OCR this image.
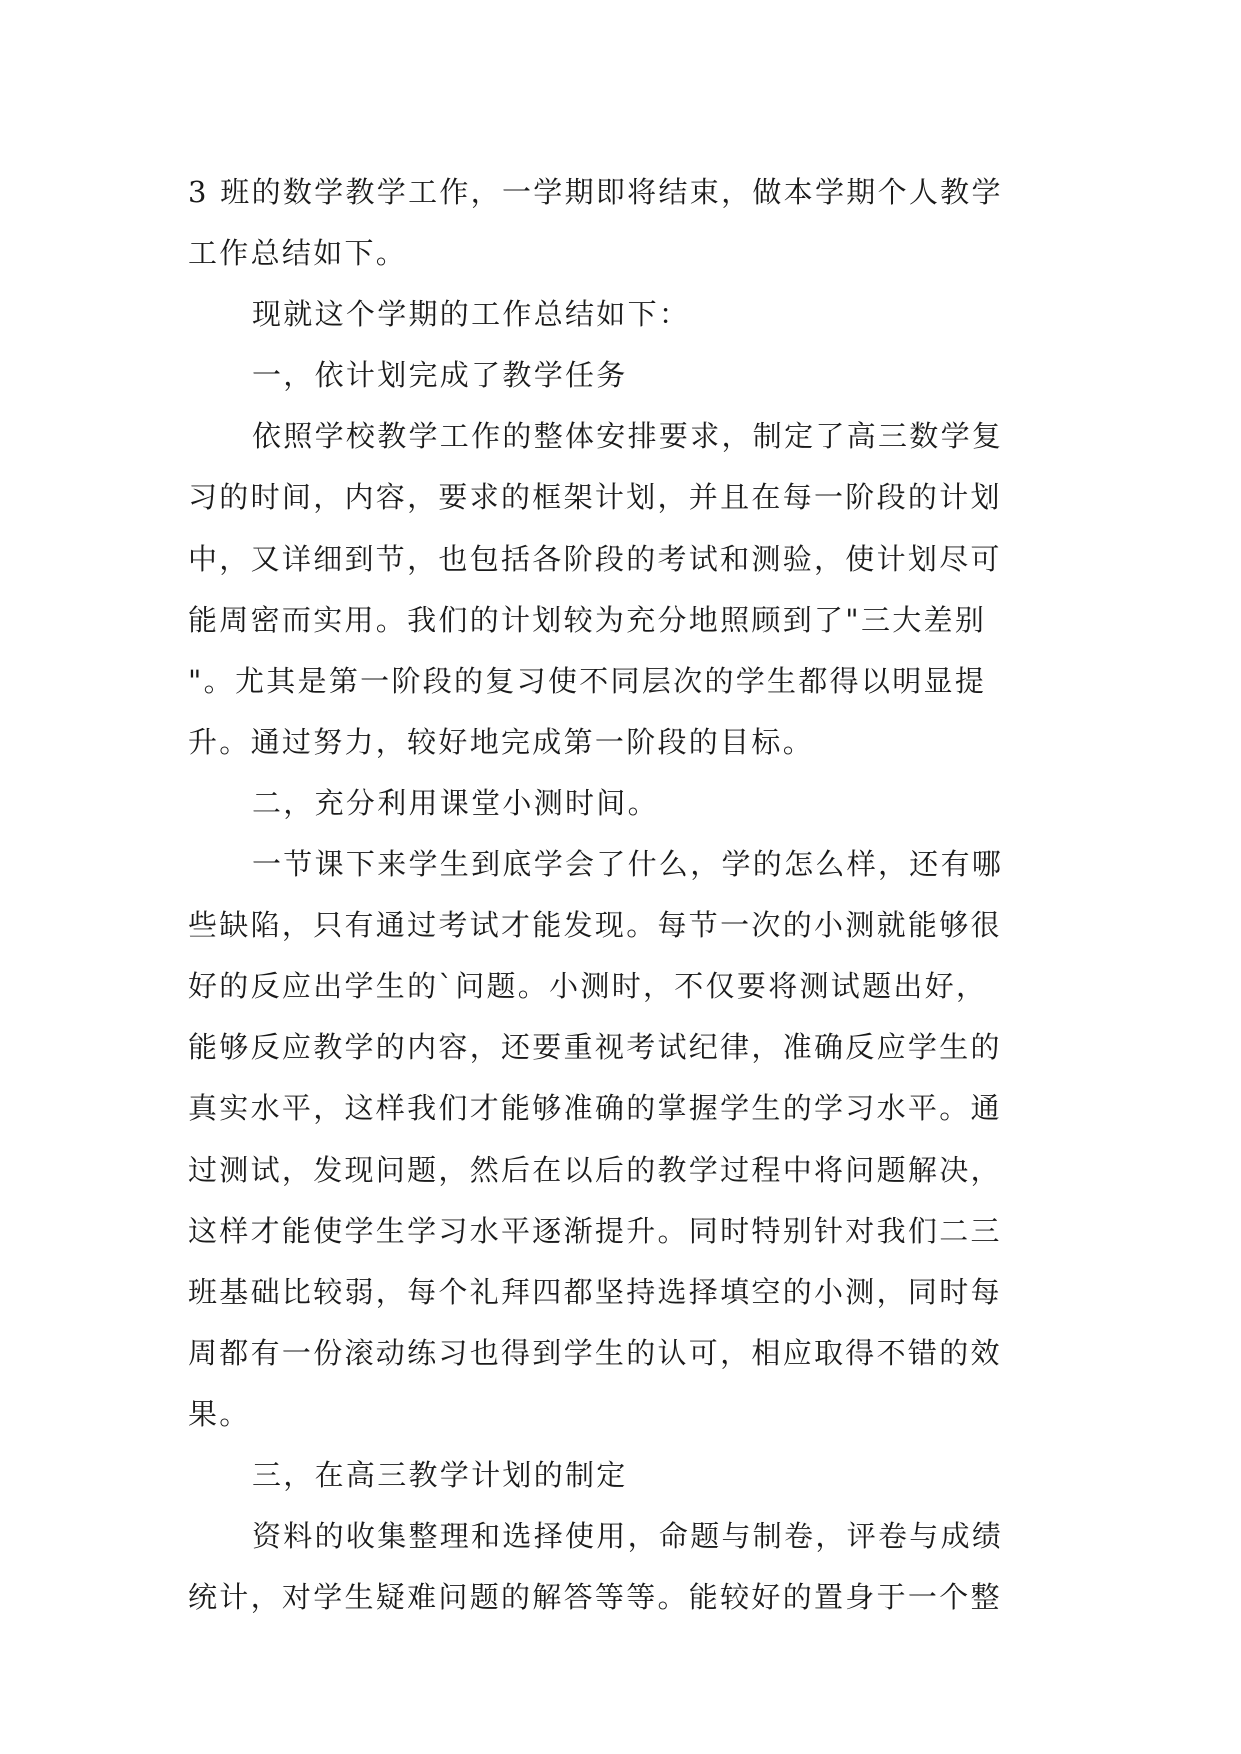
3 班的数学教学工作，一学期即将结束，做本学期个人教学
工作总结如下。
现就这个学期的工作总结如下：
一，依计划完成了教学任务
依照学校教学工作的整体安排要求，制定了高三数学复
习的时间，内容，要求的框架计划，并且在每一阶段的计划
中，又详细到节，也包括各阶段的考试和测验，使计划尽可
能周密而实用。我们的计划较为充分地照顾到了"三大差别
"。尤其是第一阶段的复习使不同层次的学生都得以明显提
升。通过努力，较好地完成第一阶段的目标。
二，充分利用课堂小测时间。
一节课下来学生到底学会了什么，学的怎么样，还有哪
些缺陷，只有通过考试才能发现。每节一次的小测就能够很
好的反应出学生的`问题。小测时，不仅要将测试题出好，
能够反应教学的内容，还要重视考试纪律，准确反应学生的
真实水平，这样我们才能够准确的掌握学生的学习水平。通
过测试，发现问题，然后在以后的教学过程中将问题解决，
这样才能使学生学习水平逐渐提升。同时特别针对我们二三
班基础比较弱，每个礼拜四都坚持选择填空的小测，同时每
周都有一份滚动练习也得到学生的认可，相应取得不错的效
果。
三，在高三教学计划的制定
资料的收集整理和选择使用，命题与制卷，评卷与成绩
统计，对学生疑难问题的解答等等。能较好的置身于一个整
